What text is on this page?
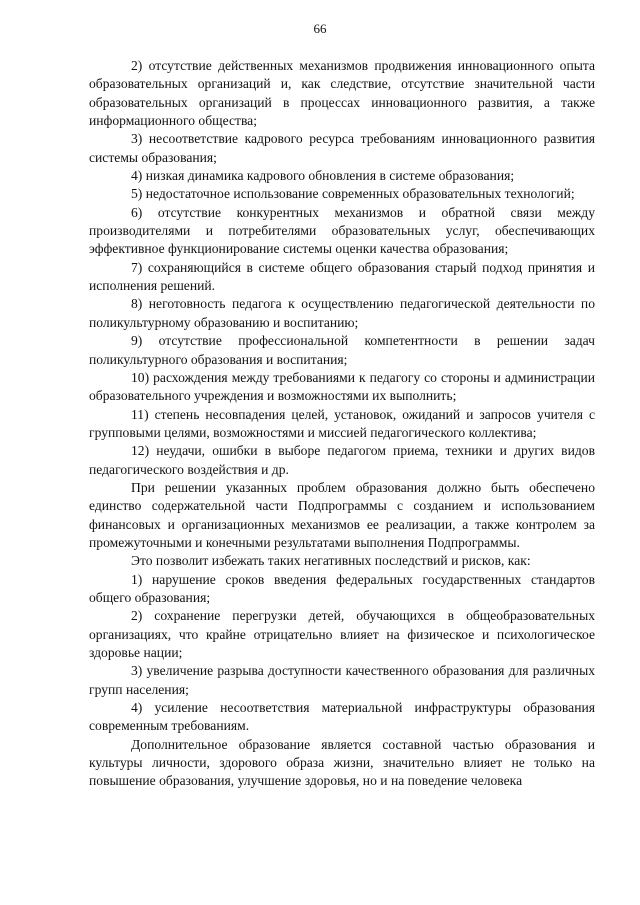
66

2) отсутствие действенных механизмов продвижения инновационного опыта образовательных организаций и, как следствие, отсутствие значительной части образовательных организаций в процессах инновационного развития, а также информационного общества;

3) несоответствие кадрового ресурса требованиям инновационного развития системы образования;

4) низкая динамика кадрового обновления в системе образования;

5) недостаточное использование современных образовательных технологий;

6) отсутствие конкурентных механизмов и обратной связи между производителями и потребителями образовательных услуг, обеспечивающих эффективное функционирование системы оценки качества образования;

7) сохраняющийся в системе общего образования старый подход принятия и исполнения решений.

8) неготовность педагога к осуществлению педагогической деятельности по поликультурному образованию и воспитанию;

9) отсутствие профессиональной компетентности в решении задач поликультурного образования и воспитания;

10) расхождения между требованиями к педагогу со стороны и администрации образовательного учреждения и возможностями их выполнить;

11) степень несовпадения целей, установок, ожиданий и запросов учителя с групповыми целями, возможностями и миссией педагогического коллектива;

12) неудачи, ошибки в выборе педагогом приема, техники и других видов педагогического воздействия и др.

При решении указанных проблем образования должно быть обеспечено единство содержательной части Подпрограммы с созданием и использованием финансовых и организационных механизмов ее реализации, а также контролем за промежуточными и конечными результатами выполнения Подпрограммы.

Это позволит избежать таких негативных последствий и рисков, как:

1) нарушение сроков введения федеральных государственных стандартов общего образования;

2) сохранение перегрузки детей, обучающихся в общеобразовательных организациях, что крайне отрицательно влияет на физическое и психологическое здоровье нации;

3) увеличение разрыва доступности качественного образования для различных групп населения;

4) усиление несоответствия материальной инфраструктуры образования современным требованиям.

Дополнительное образование является составной частью образования и культуры личности, здорового образа жизни, значительно влияет не только на повышение образования, улучшение здоровья, но и на поведение человека
